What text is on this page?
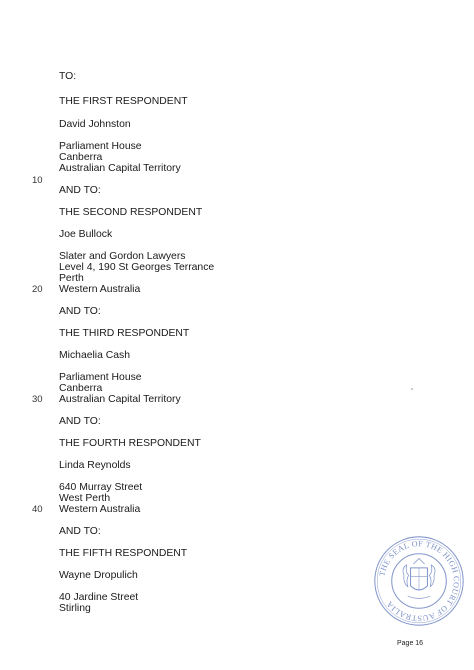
TO:
THE FIRST RESPONDENT
David Johnston
Parliament House
Canberra
Australian Capital Territory
10
AND TO:
THE SECOND RESPONDENT
Joe Bullock
Slater and Gordon Lawyers
Level 4, 190 St Georges Terrance
Perth
20 Western Australia
AND TO:
THE THIRD RESPONDENT
Michaelia Cash
Parliament House
Canberra
30 Australian Capital Territory
AND TO:
THE FOURTH RESPONDENT
Linda Reynolds
640 Murray Street
West Perth
40 Western Australia
AND TO:
THE FIFTH RESPONDENT
Wayne Dropulich
40 Jardine Street
Stirling
THE SEAL OF THE HIGH COURT OF AUSTRALIA
Page 16
